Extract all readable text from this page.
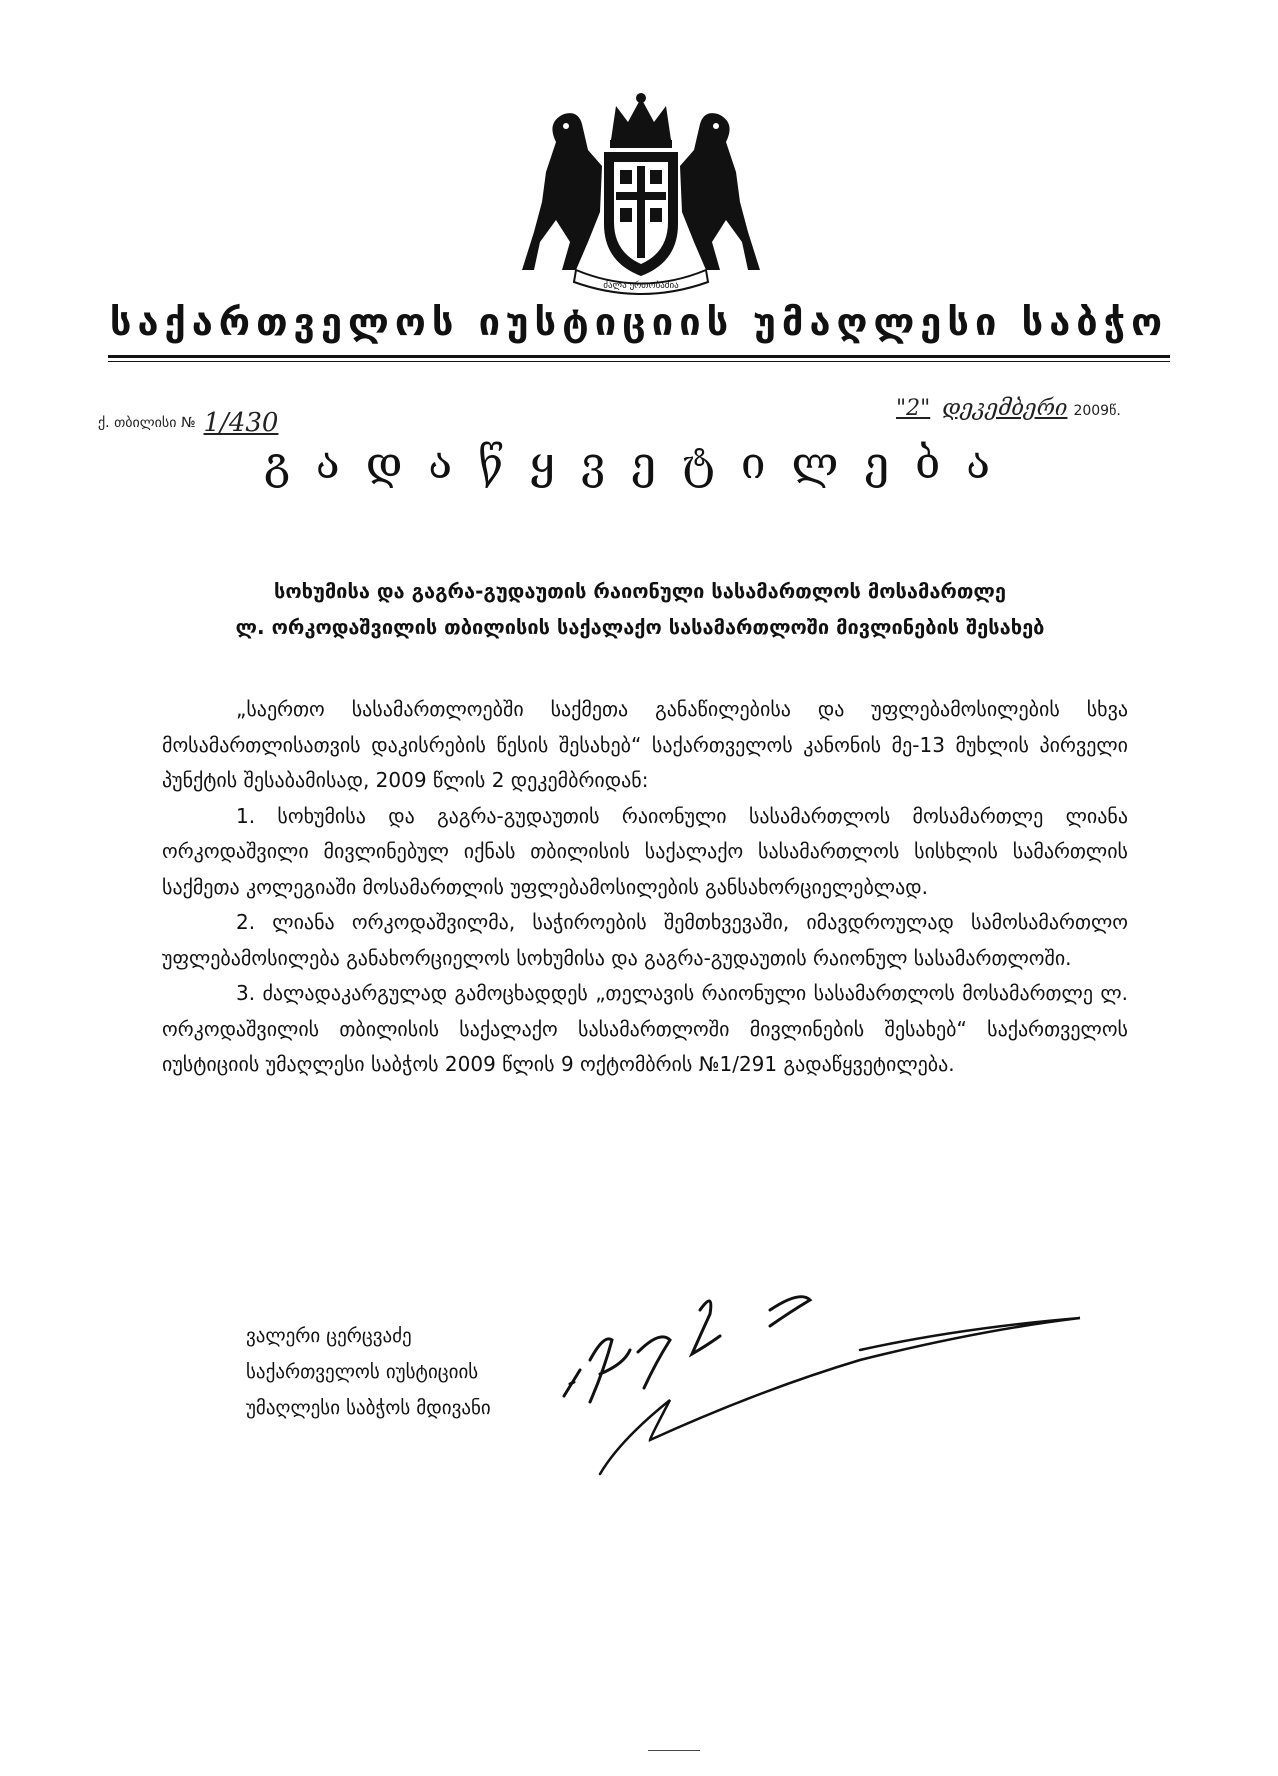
ძალა ერთობაშია
საქართველოს იუსტიციის უმაღლესი საბჭო
ქ. თბილისი № 1/430	"2" დეკემბერი 2009წ.
გადაწყვეტილება
სოხუმისა და გაგრა-გუდაუთის რაიონული სასამართლოს მოსამართლე
ლ. ორკოდაშვილის თბილისის საქალაქო სასამართლოში მივლინების შესახებ

„საერთო სასამართლოებში საქმეთა განაწილებისა და უფლებამოსილების სხვა მოსამართლისათვის დაკისრების წესის შესახებ“ საქართველოს კანონის მე-13 მუხლის პირველი პუნქტის შესაბამისად, 2009 წლის 2 დეკემბრიდან:

1. სოხუმისა და გაგრა-გუდაუთის რაიონული სასამართლოს მოსამართლე ლიანა ორკოდაშვილი მივლინებულ იქნას თბილისის საქალაქო სასამართლოს სისხლის სამართლის საქმეთა კოლეგიაში მოსამართლის უფლებამოსილების განსახორციელებლად.

2. ლიანა ორკოდაშვილმა, საჭიროების შემთხვევაში, იმავდროულად სამოსამართლო უფლებამოსილება განახორციელოს სოხუმისა და გაგრა-გუდაუთის რაიონულ სასამართლოში.

3. ძალადაკარგულად გამოცხადდეს „თელავის რაიონული სასამართლოს მოსამართლე ლ. ორკოდაშვილის თბილისის საქალაქო სასამართლოში მივლინების შესახებ“ საქართველოს იუსტიციის უმაღლესი საბჭოს 2009 წლის 9 ოქტომბრის №1/291 გადაწყვეტილება.

ვალერი ცერცვაძე
საქართველოს იუსტიციის
უმაღლესი საბჭოს მდივანი
